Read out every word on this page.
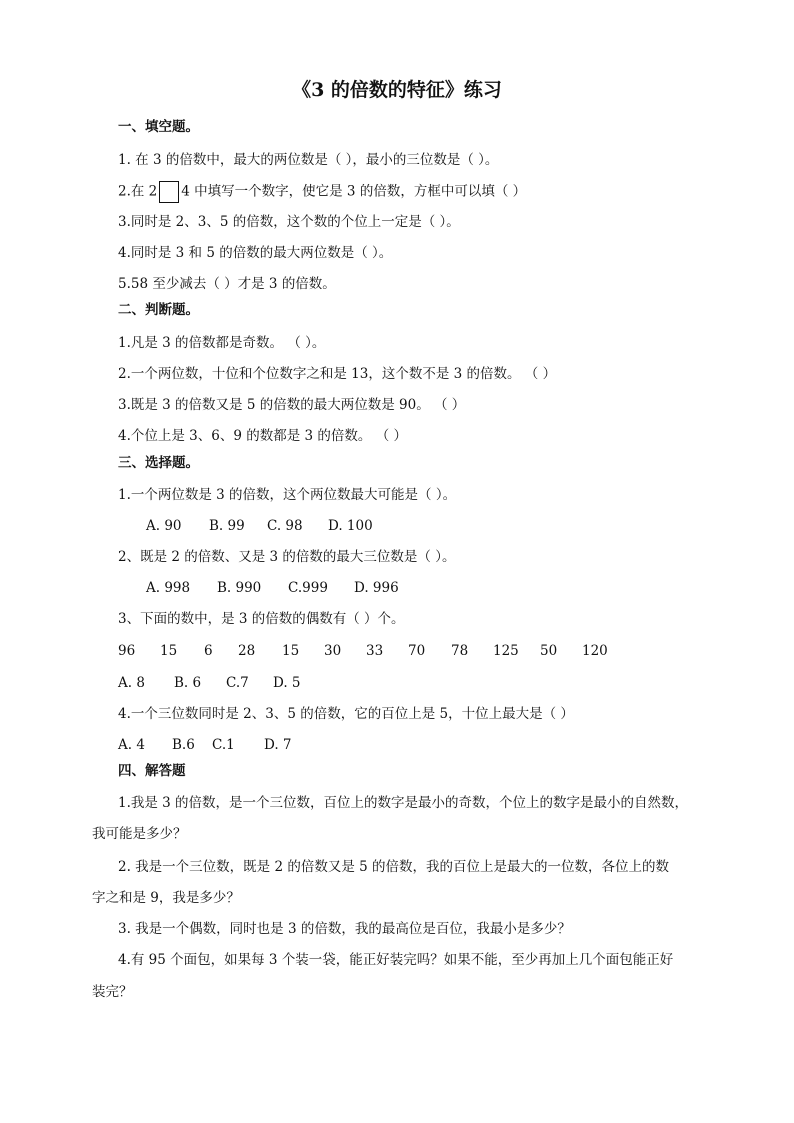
《3 的倍数的特征》练习
一、填空题。
1. 在 3 的倍数中，最大的两位数是（ ），最小的三位数是（ ）。
2.在 2 4 中填写一个数字，使它是 3 的倍数，方框中可以填（ ）
3.同时是 2、3、5 的倍数，这个数的个位上一定是（ ）。
4.同时是 3 和 5 的倍数的最大两位数是（ ）。
5.58 至少减去（ ）才是 3 的倍数。
二、判断题。
1.凡是 3 的倍数都是奇数。 （ ）。
2.一个两位数，十位和个位数字之和是 13，这个数不是 3 的倍数。 （ ）
3.既是 3 的倍数又是 5 的倍数的最大两位数是 90。 （ ）
4.个位上是 3、6、9 的数都是 3 的倍数。 （ ）
三、选择题。
1.一个两位数是 3 的倍数，这个两位数最大可能是（ ）。
A. 90 B. 99 C. 98 D. 100
2、既是 2 的倍数、又是 3 的倍数的最大三位数是（ ）。
A. 998 B. 990 C.999 D. 996
3、下面的数中，是 3 的倍数的偶数有（ ）个。
96 15 6 28 15 30 33 70 78 125 50 120
A. 8 B. 6 C.7 D. 5
4.一个三位数同时是 2、3、5 的倍数，它的百位上是 5，十位上最大是（ ）
A. 4 B.6 C.1 D. 7
四、解答题
1.我是 3 的倍数，是一个三位数，百位上的数字是最小的奇数，个位上的数字是最小的自然数，
我可能是多少？
2. 我是一个三位数，既是 2 的倍数又是 5 的倍数，我的百位上是最大的一位数，各位上的数
字之和是 9，我是多少？
3. 我是一个偶数，同时也是 3 的倍数，我的最高位是百位，我最小是多少？
4.有 95 个面包，如果每 3 个装一袋，能正好装完吗？如果不能，至少再加上几个面包能正好
装完？
